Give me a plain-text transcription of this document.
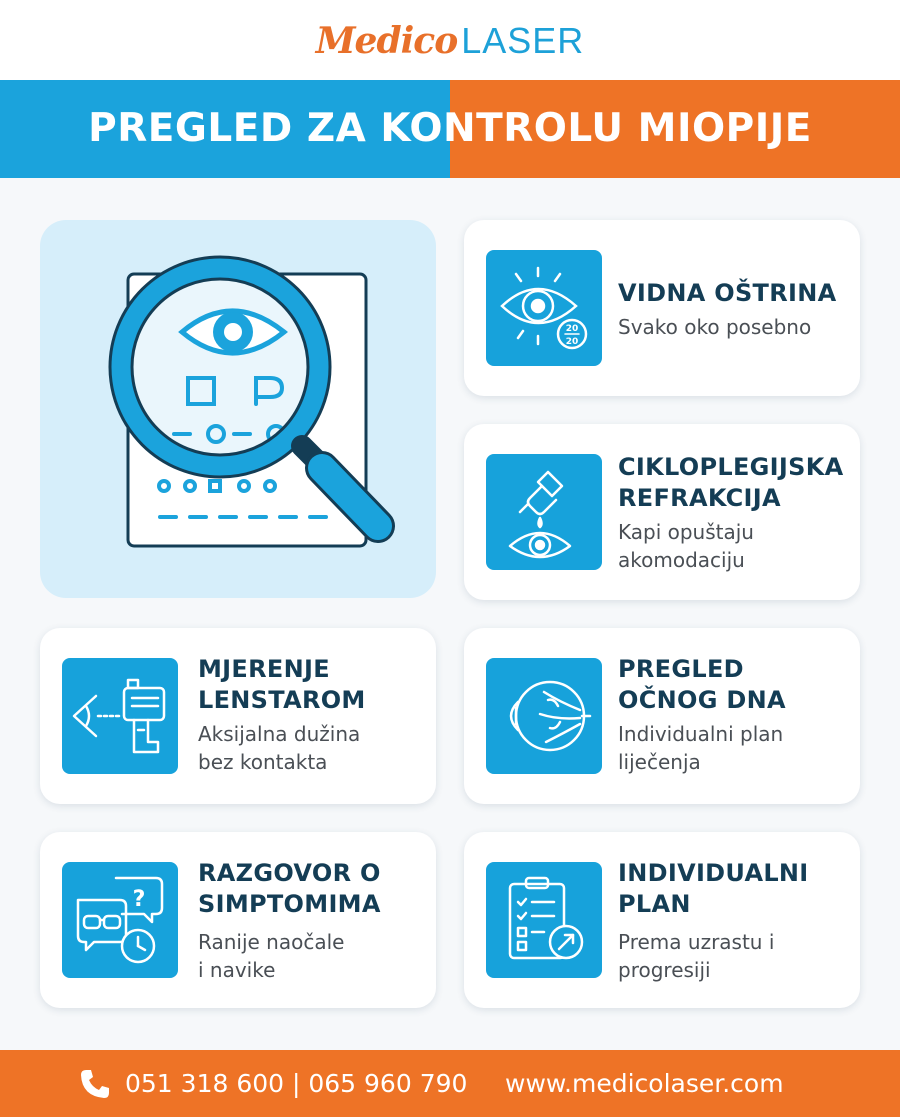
Medico LASER
PREGLED ZA KONTROLU MIOPIJE
20
20
VIDNA OŠTRINA
Svako oko posebno
CIKLOPLEGIJSKA
REFRAKCIJA
Kapi opuštaju
akomodaciju
MJERENJE
LENSTAROM
Aksijalna dužina
bez kontakta
PREGLED
OČNOG DNA
Individualni plan
liječenja
?
RAZGOVOR O
SIMPTOMIMA
Ranije naočale
i navike
INDIVIDUALNI
PLAN
Prema uzrastu i
progresiji
051 318 600 | 065 960 790 www.medicolaser.com
